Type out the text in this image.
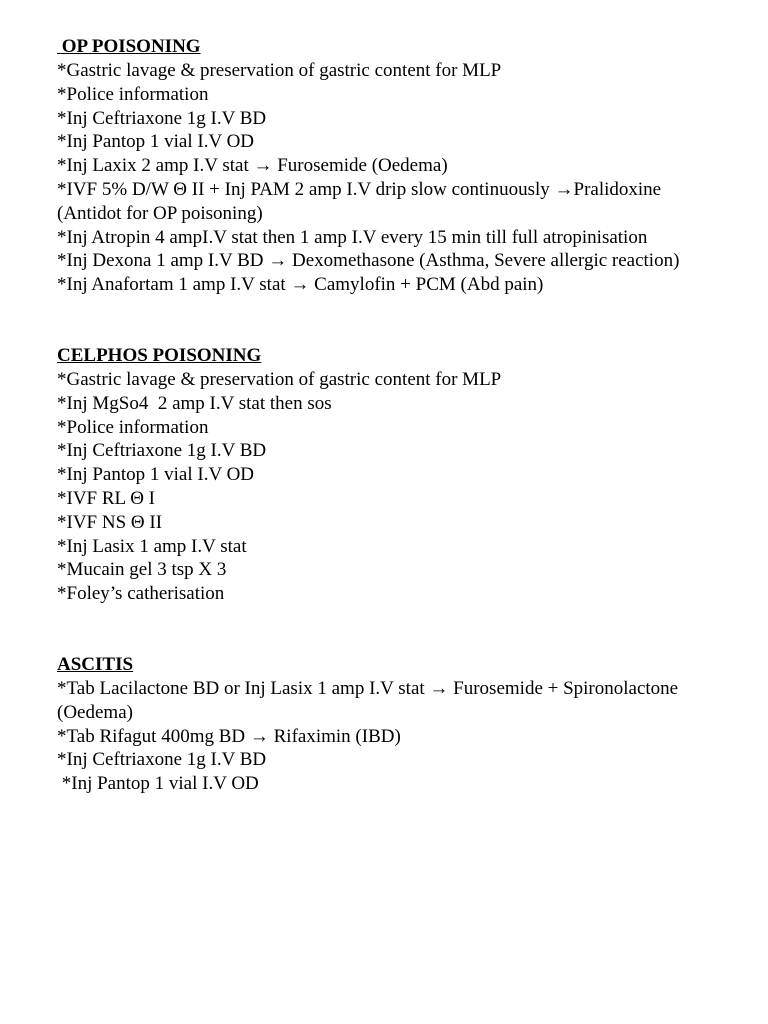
OP POISONING
*Gastric lavage & preservation of gastric content for MLP
*Police information
*Inj Ceftriaxone 1g I.V BD
*Inj Pantop 1 vial I.V OD
*Inj Laxix 2 amp I.V stat → Furosemide (Oedema)
*IVF 5% D/W Θ II + Inj PAM 2 amp I.V drip slow continuously →Pralidoxine
(Antidot for OP poisoning)
*Inj Atropin 4 ampI.V stat then 1 amp I.V every 15 min till full atropinisation
*Inj Dexona 1 amp I.V BD → Dexomethasone (Asthma, Severe allergic reaction)
*Inj Anafortam 1 amp I.V stat → Camylofin + PCM (Abd pain)
CELPHOS POISONING
*Gastric lavage & preservation of gastric content for MLP
*Inj MgSo4  2 amp I.V stat then sos
*Police information
*Inj Ceftriaxone 1g I.V BD
*Inj Pantop 1 vial I.V OD
*IVF RL Θ I
*IVF NS Θ II
*Inj Lasix 1 amp I.V stat
*Mucain gel 3 tsp X 3
*Foley’s catherisation
ASCITIS
*Tab Lacilactone BD or Inj Lasix 1 amp I.V stat → Furosemide + Spironolactone
(Oedema)
*Tab Rifagut 400mg BD → Rifaximin (IBD)
*Inj Ceftriaxone 1g I.V BD
*Inj Pantop 1 vial I.V OD
